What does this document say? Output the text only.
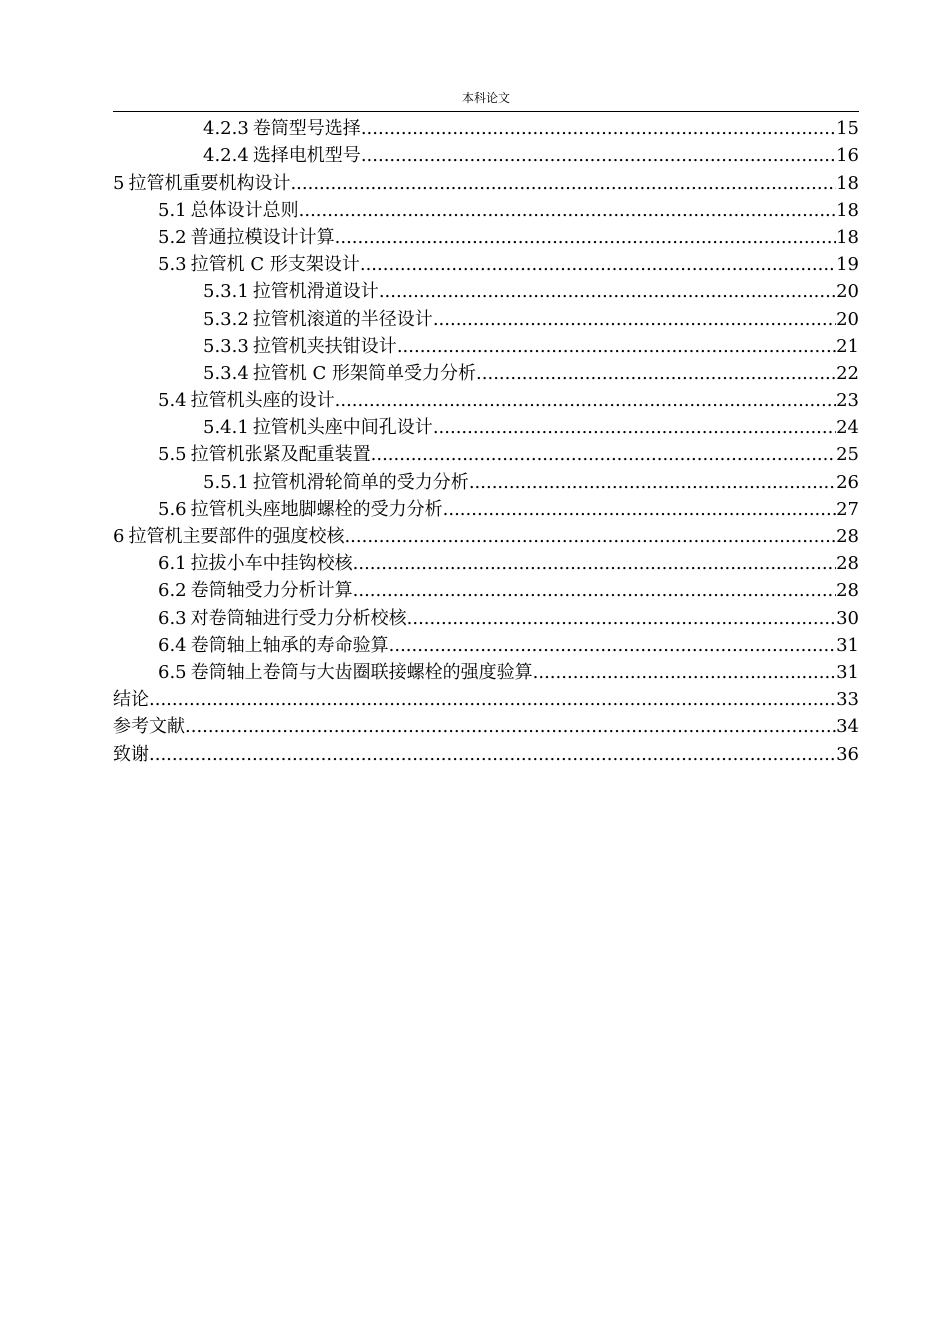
本科论文
4.2.3 卷筒型号选择 .....	15
4.2.4 选择电机型号 .....	16
5 拉管机重要机构设计 .....	18
5.1 总体设计总则 .....	18
5.2 普通拉模设计计算 .....	18
5.3 拉管机 C 形支架设计 .....	19
5.3.1 拉管机滑道设计 .....	20
5.3.2 拉管机滚道的半径设计 .....	20
5.3.3 拉管机夹扶钳设计 .....	21
5.3.4 拉管机 C 形架简单受力分析 .....	22
5.4 拉管机头座的设计 .....	23
5.4.1 拉管机头座中间孔设计 .....	24
5.5 拉管机张紧及配重装置 .....	25
5.5.1 拉管机滑轮简单的受力分析 .....	26
5.6 拉管机头座地脚螺栓的受力分析 .....	27
6 拉管机主要部件的强度校核 .....	28
6.1 拉拔小车中挂钩校核 .....	28
6.2 卷筒轴受力分析计算 .....	28
6.3 对卷筒轴进行受力分析校核 .....	30
6.4 卷筒轴上轴承的寿命验算 .....	31
6.5 卷筒轴上卷筒与大齿圈联接螺栓的强度验算 .....	31
结论 .....	33
参考文献 .....	34
致谢 .....	36
